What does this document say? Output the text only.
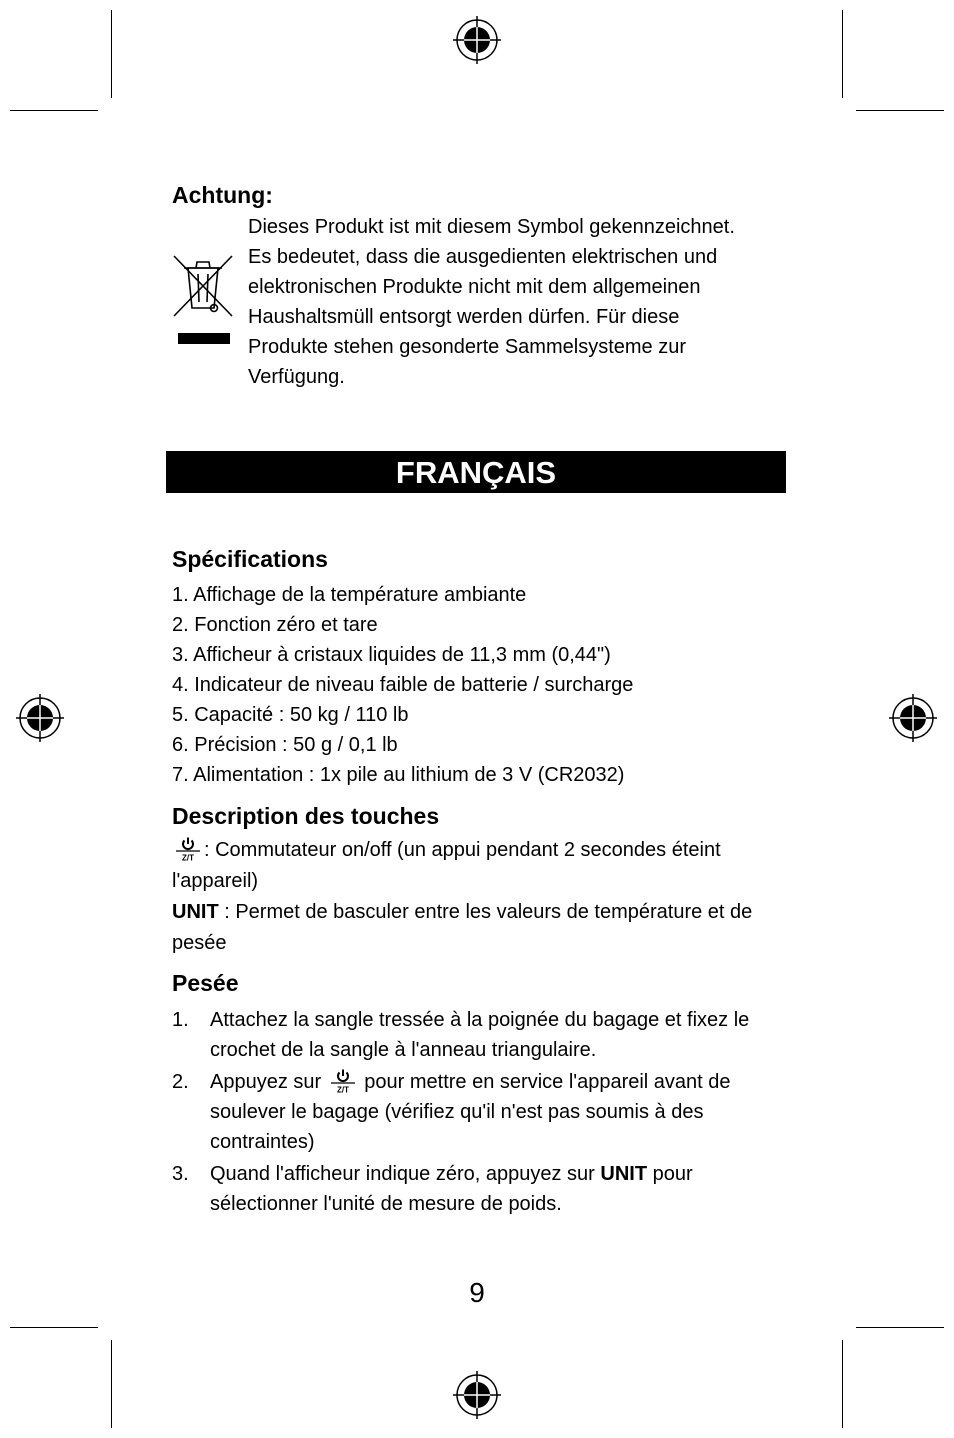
Achtung:
Dieses Produkt ist mit diesem Symbol gekennzeichnet.
Es bedeutet, dass die ausgedienten elektrischen und
elektronischen Produkte nicht mit dem allgemeinen
Haushaltsmüll entsorgt werden dürfen. Für diese
Produkte stehen gesonderte Sammelsysteme zur
Verfügung.
FRANÇAIS
Spécifications
1. Affichage de la température ambiante
2. Fonction zéro et tare
3. Afficheur à cristaux liquides de 11,3 mm (0,44")
4. Indicateur de niveau faible de batterie / surcharge
5. Capacité : 50 kg / 110 lb
6. Précision : 50 g / 0,1 lb
7. Alimentation : 1x pile au lithium de 3 V (CR2032)
Description des touches
Z/T : Commutateur on/off (un appui pendant 2 secondes éteint l'appareil)
UNIT : Permet de basculer entre les valeurs de température et de pesée
Pesée
1. Attachez la sangle tressée à la poignée du bagage et fixez le crochet de la sangle à l'anneau triangulaire.
2. Appuyez sur Z/T pour mettre en service l'appareil avant de soulever le bagage (vérifiez qu'il n'est pas soumis à des contraintes)
3. Quand l'afficheur indique zéro, appuyez sur UNIT pour sélectionner l'unité de mesure de poids.
9
